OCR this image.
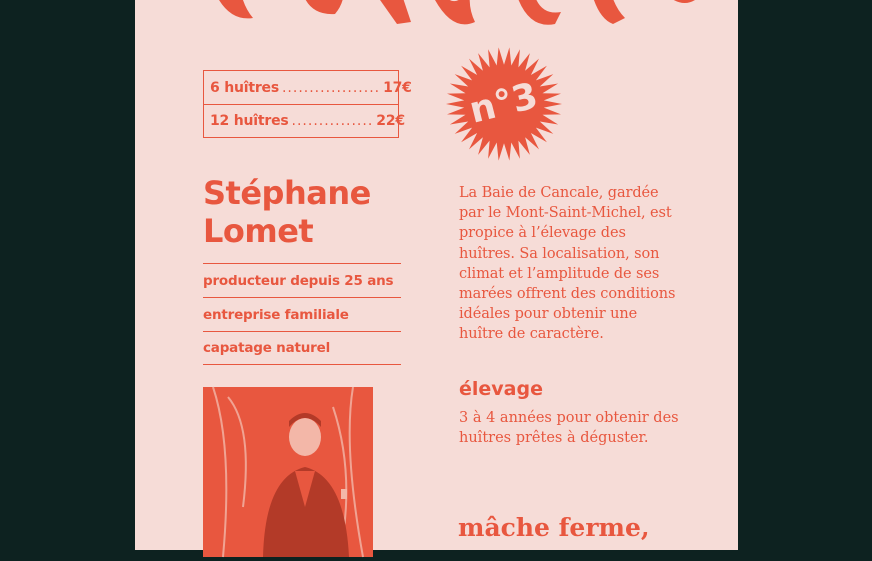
6 huîtres .................. 17€
12 huîtres ............... 22€ n°3
Stéphane
Lomet
producteur depuis 25 ans
entreprise familiale
capatage naturel
La Baie de Cancale, gardée par le Mont-Saint-Michel, est propice à l’élevage des huîtres. Sa localisation, son climat et l’amplitude de ses marées offrent des conditions idéales pour obtenir une huître de caractère.
élevage
3 à 4 années pour obtenir des huîtres prêtes à déguster.
mâche ferme,
